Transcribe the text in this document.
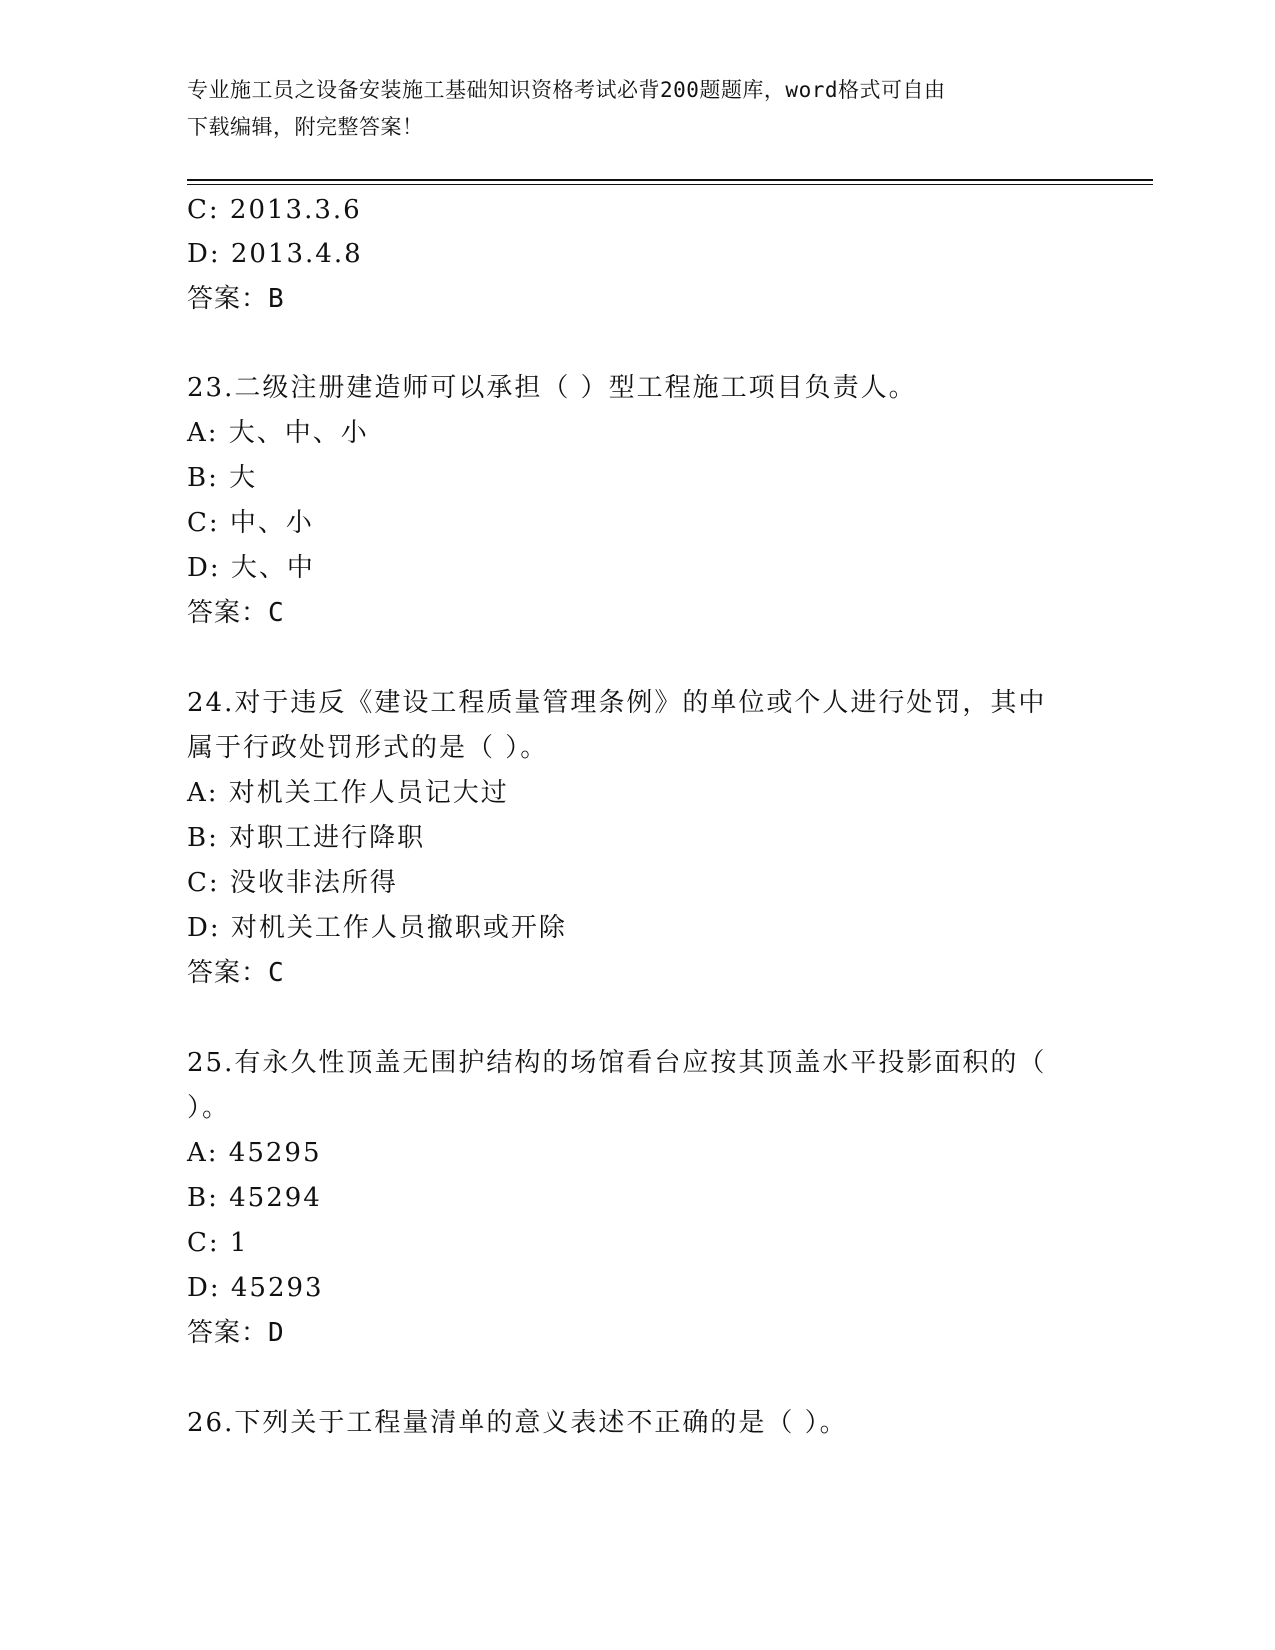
专业施工员之设备安装施工基础知识资格考试必背200题题库，word格式可自由
下载编辑，附完整答案！
C: 2013.3.6
D: 2013.4.8
答案：B
23.二级注册建造师可以承担（ ）型工程施工项目负责人。
A: 大、中、小
B: 大
C: 中、小
D: 大、中
答案：C
24.对于违反《建设工程质量管理条例》的单位或个人进行处罚，其中
属于行政处罚形式的是（ ）。
A: 对机关工作人员记大过
B: 对职工进行降职
C: 没收非法所得
D: 对机关工作人员撤职或开除
答案：C
25.有永久性顶盖无围护结构的场馆看台应按其顶盖水平投影面积的（
）。
A: 45295
B: 45294
C: 1
D: 45293
答案：D
26.下列关于工程量清单的意义表述不正确的是（ ）。
